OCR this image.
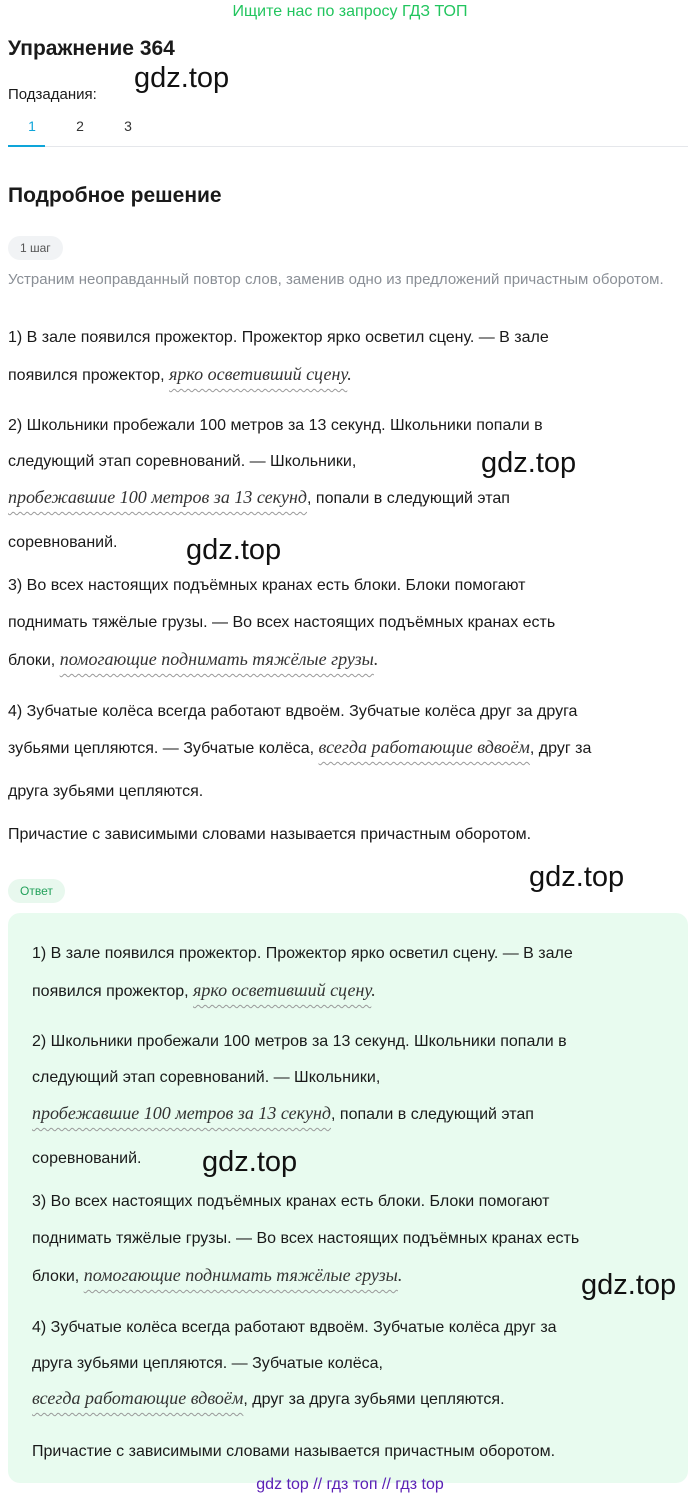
Ищите нас по запросу ГДЗ ТОП
Упражнение 364
Подзадания:
1	2	3
Подробное решение
1 шаг
Устраним неоправданный повтор слов, заменив одно из предложений причастным оборотом.
1) В зале появился прожектор. Прожектор ярко осветил сцену. — В зале
появился прожектор, ярко осветивший сцену.
2) Школьники пробежали 100 метров за 13 секунд. Школьники попали в
следующий этап соревнований. — Школьники,
пробежавшие 100 метров за 13 секунд, попали в следующий этап
соревнований.
3) Во всех настоящих подъёмных кранах есть блоки. Блоки помогают
поднимать тяжёлые грузы. — Во всех настоящих подъёмных кранах есть
блоки, помогающие поднимать тяжёлые грузы.
4) Зубчатые колёса всегда работают вдвоём. Зубчатые колёса друг за друга
зубьями цепляются. — Зубчатые колёса, всегда работающие вдвоём, друг за
друга зубьями цепляются.
Причастие с зависимыми словами называется причастным оборотом.
Ответ
1) В зале появился прожектор. Прожектор ярко осветил сцену. — В зале
появился прожектор, ярко осветивший сцену.
2) Школьники пробежали 100 метров за 13 секунд. Школьники попали в
следующий этап соревнований. — Школьники,
пробежавшие 100 метров за 13 секунд, попали в следующий этап
соревнований.
3) Во всех настоящих подъёмных кранах есть блоки. Блоки помогают
поднимать тяжёлые грузы. — Во всех настоящих подъёмных кранах есть
блоки, помогающие поднимать тяжёлые грузы.
4) Зубчатые колёса всегда работают вдвоём. Зубчатые колёса друг за
друга зубьями цепляются. — Зубчатые колёса,
всегда работающие вдвоём, друг за друга зубьями цепляются.
Причастие с зависимыми словами называется причастным оборотом.
gdz.top
gdz.top
gdz.top
gdz.top
gdz.top
gdz.top
gdz top // гдз топ // гдз top
